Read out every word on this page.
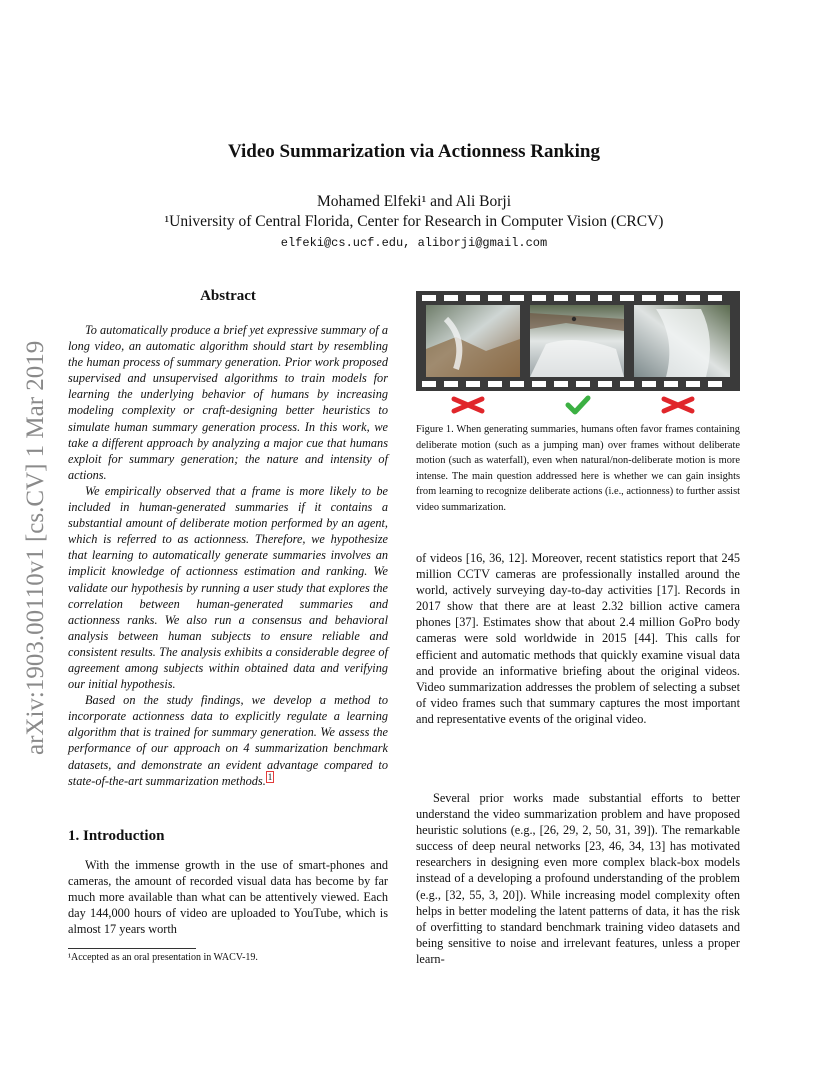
arXiv:1903.00110v1 [cs.CV] 1 Mar 2019
Video Summarization via Actionness Ranking
Mohamed Elfeki¹ and Ali Borji
¹University of Central Florida, Center for Research in Computer Vision (CRCV)
elfeki@cs.ucf.edu, aliborji@gmail.com
Abstract

To automatically produce a brief yet expressive summary of a long video, an automatic algorithm should start by resembling the human process of summary generation. Prior work proposed supervised and unsupervised algorithms to train models for learning the underlying behavior of humans by increasing modeling complexity or craft-designing better heuristics to simulate human summary generation process. In this work, we take a different approach by analyzing a major cue that humans exploit for summary generation; the nature and intensity of actions.

We empirically observed that a frame is more likely to be included in human-generated summaries if it contains a substantial amount of deliberate motion performed by an agent, which is referred to as actionness. Therefore, we hypothesize that learning to automatically generate summaries involves an implicit knowledge of actionness estimation and ranking. We validate our hypothesis by running a user study that explores the correlation between human-generated summaries and actionness ranks. We also run a consensus and behavioral analysis between human subjects to ensure reliable and consistent results. The analysis exhibits a considerable degree of agreement among subjects within obtained data and verifying our initial hypothesis.

Based on the study findings, we develop a method to incorporate actionness data to explicitly regulate a learning algorithm that is trained for summary generation. We assess the performance of our approach on 4 summarization benchmark datasets, and demonstrate an evident advantage compared to state-of-the-art summarization methods. $^1$

1. Introduction

With the immense growth in the use of smart-phones and cameras, the amount of recorded visual data has become by far much more available than what can be attentively viewed. Each day 144,000 hours of video are uploaded to YouTube, which is almost 17 years worth

¹Accepted as an oral presentation in WACV-19.
Figure 1. When generating summaries, humans often favor frames containing deliberate motion (such as a jumping man) over frames without deliberate motion (such as waterfall), even when natural/non-deliberate motion is more intense. The main question addressed here is whether we can gain insights from learning to recognize deliberate actions (i.e., actionness) to further assist video summarization.

of videos [16, 36, 12]. Moreover, recent statistics report that 245 million CCTV cameras are professionally installed around the world, actively surveying day-to-day activities [17]. Records in 2017 show that there are at least 2.32 billion active camera phones [37]. Estimates show that about 2.4 million GoPro body cameras were sold worldwide in 2015 [44]. This calls for efficient and automatic methods that quickly examine visual data and provide an informative briefing about the original videos. Video summarization addresses the problem of selecting a subset of video frames such that summary captures the most important and representative events of the original video.

Several prior works made substantial efforts to better understand the video summarization problem and have proposed heuristic solutions (e.g., [26, 29, 2, 50, 31, 39]). The remarkable success of deep neural networks [23, 46, 34, 13] has motivated researchers in designing even more complex black-box models instead of a developing a profound understanding of the problem (e.g., [32, 55, 3, 20]). While increasing model complexity often helps in better modeling the latent patterns of data, it has the risk of overfitting to standard benchmark training video datasets and being sensitive to noise and irrelevant features, unless a proper learn-
